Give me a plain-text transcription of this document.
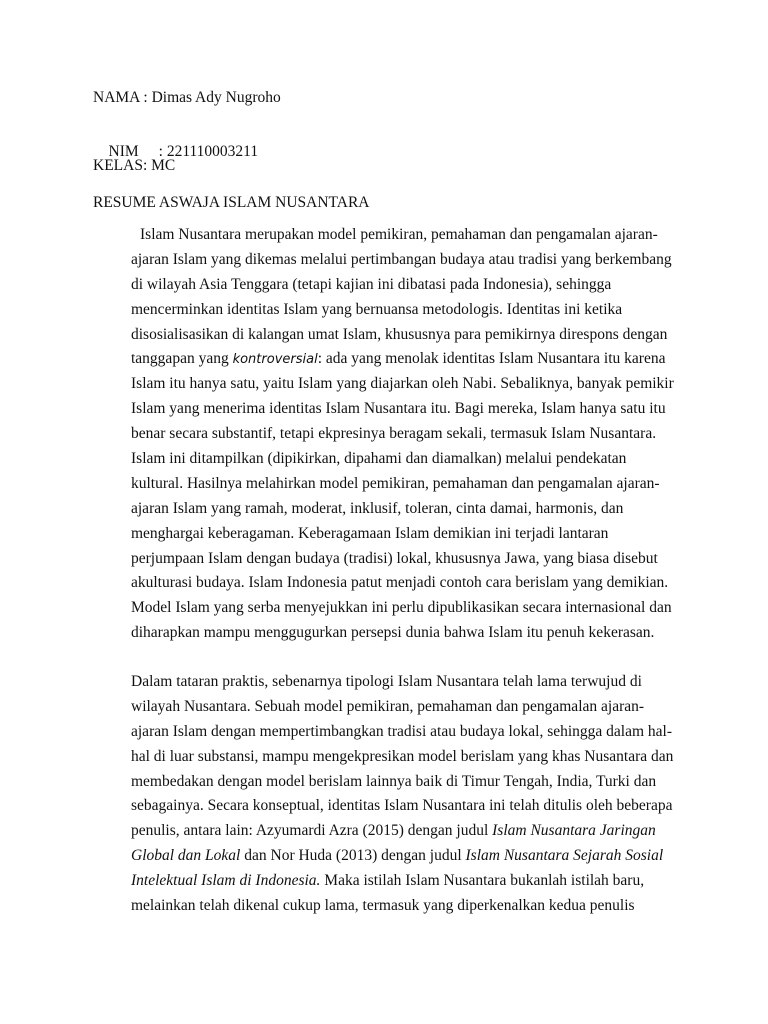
NAMA : Dimas Ady Nugroho

NIM : 221110003211

KELAS: MC
RESUME ASWAJA ISLAM NUSANTARA
Islam Nusantara merupakan model pemikiran, pemahaman dan pengamalan ajaran-
ajaran Islam yang dikemas melalui pertimbangan budaya atau tradisi yang berkembang
di wilayah Asia Tenggara (tetapi kajian ini dibatasi pada Indonesia), sehingga
mencerminkan identitas Islam yang bernuansa metodologis. Identitas ini ketika
disosialisasikan di kalangan umat Islam, khususnya para pemikirnya direspons dengan
tanggapan yang kontroversial: ada yang menolak identitas Islam Nusantara itu karena
Islam itu hanya satu, yaitu Islam yang diajarkan oleh Nabi. Sebaliknya, banyak pemikir
Islam yang menerima identitas Islam Nusantara itu. Bagi mereka, Islam hanya satu itu
benar secara substantif, tetapi ekpresinya beragam sekali, termasuk Islam Nusantara.
Islam ini ditampilkan (dipikirkan, dipahami dan diamalkan) melalui pendekatan
kultural. Hasilnya melahirkan model pemikiran, pemahaman dan pengamalan ajaran-
ajaran Islam yang ramah, moderat, inklusif, toleran, cinta damai, harmonis, dan
menghargai keberagaman. Keberagamaan Islam demikian ini terjadi lantaran
perjumpaan Islam dengan budaya (tradisi) lokal, khususnya Jawa, yang biasa disebut
akulturasi budaya. Islam Indonesia patut menjadi contoh cara berislam yang demikian.
Model Islam yang serba menyejukkan ini perlu dipublikasikan secara internasional dan
diharapkan mampu menggugurkan persepsi dunia bahwa Islam itu penuh kekerasan.
Dalam tataran praktis, sebenarnya tipologi Islam Nusantara telah lama terwujud di
wilayah Nusantara. Sebuah model pemikiran, pemahaman dan pengamalan ajaran-
ajaran Islam dengan mempertimbangkan tradisi atau budaya lokal, sehingga dalam hal-
hal di luar substansi, mampu mengekpresikan model berislam yang khas Nusantara dan
membedakan dengan model berislam lainnya baik di Timur Tengah, India, Turki dan
sebagainya. Secara konseptual, identitas Islam Nusantara ini telah ditulis oleh beberapa
penulis, antara lain: Azyumardi Azra (2015) dengan judul Islam Nusantara Jaringan
Global dan Lokal dan Nor Huda (2013) dengan judul Islam Nusantara Sejarah Sosial
Intelektual Islam di Indonesia. Maka istilah Islam Nusantara bukanlah istilah baru,
melainkan telah dikenal cukup lama, termasuk yang diperkenalkan kedua penulis
